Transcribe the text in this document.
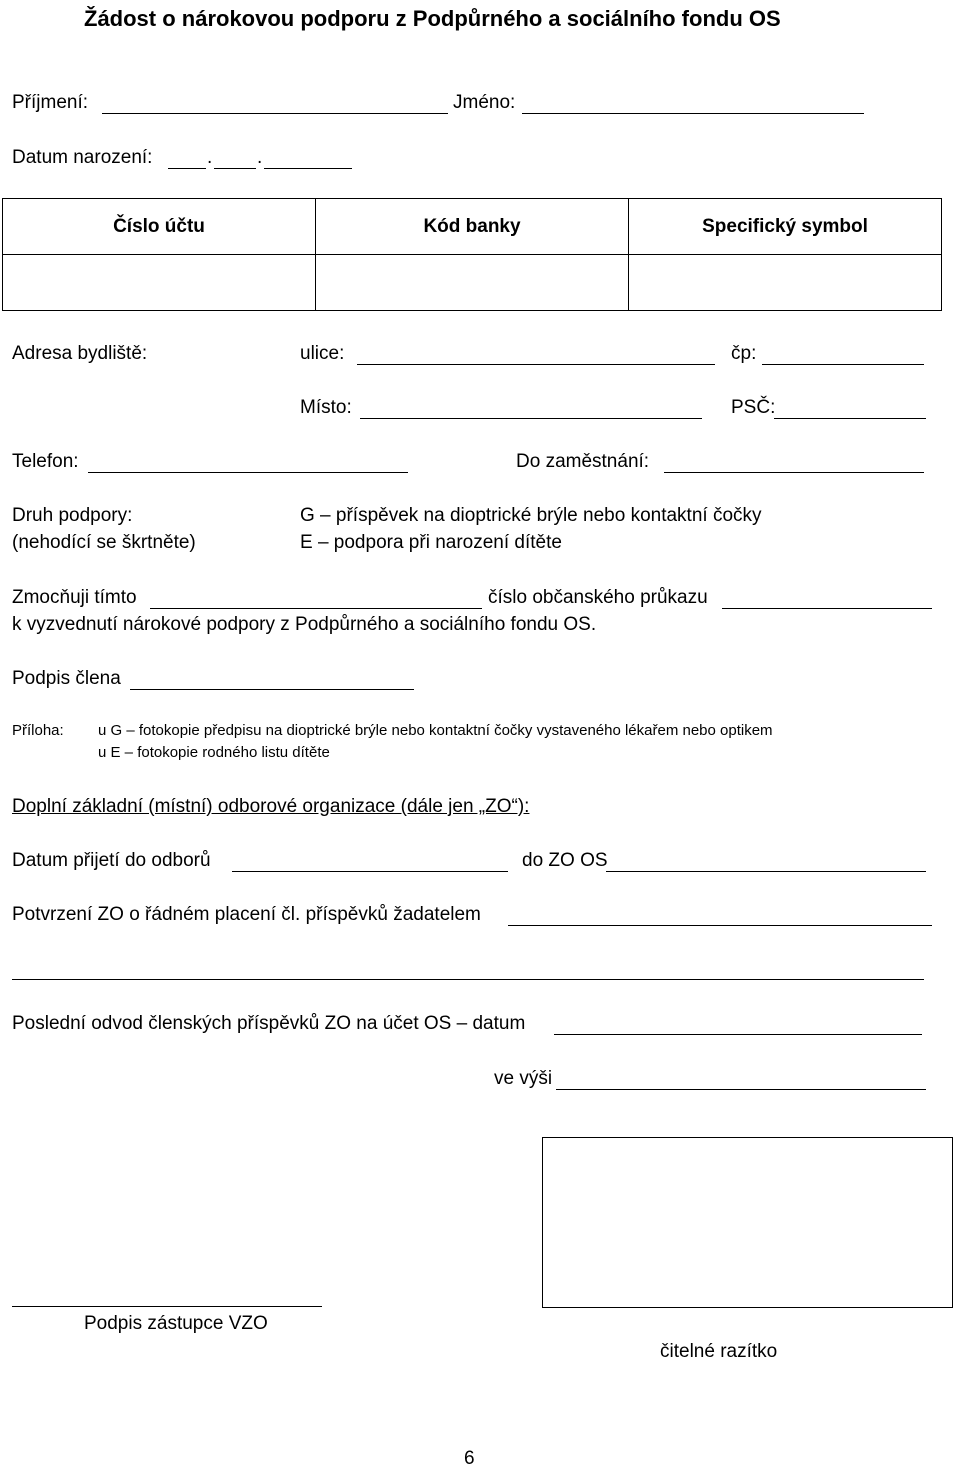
Žádost o nárokovou podporu z Podpůrného a sociálního fondu OS
Příjmení:	Jméno:
Datum narození:	. .
Číslo účtu	Kód banky	Specifický symbol

Adresa bydliště:	ulice:	čp:
Místo:	PSČ:
Telefon:	Do zaměstnání:
Druh podpory:
(nehodící se škrtněte)
G – příspěvek na dioptrické brýle nebo kontaktní čočky
E – podpora při narození dítěte
Zmocňuji tímto	číslo občanského průkazu
k vyzvednutí nárokové podpory z Podpůrného a sociálního fondu OS.
Podpis člena
Příloha: u G – fotokopie předpisu na dioptrické brýle nebo kontaktní čočky vystaveného lékařem nebo optikem
u E – fotokopie rodného listu dítěte
Doplní základní (místní) odborové organizace (dále jen „ZO“):
Datum přijetí do odborů	do ZO OS
Potvrzení ZO o řádném placení čl. příspěvků žadatelem
Poslední odvod členských příspěvků ZO na účet OS – datum
ve výši
Podpis zástupce VZO
čitelné razítko
6
